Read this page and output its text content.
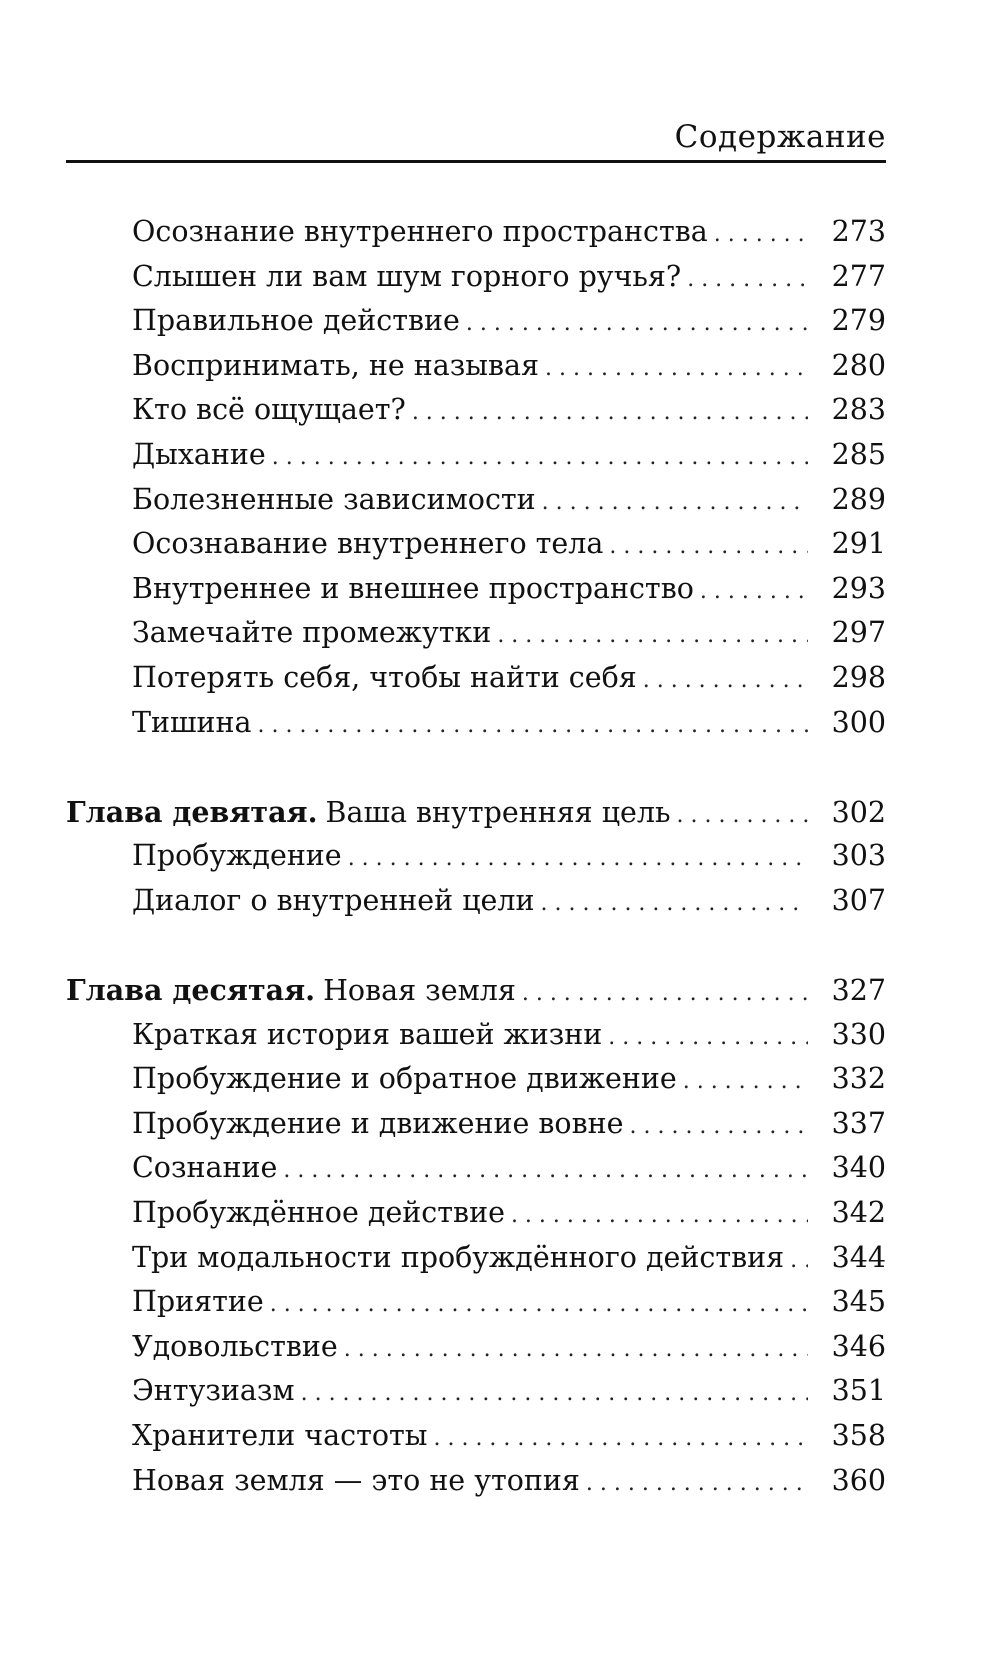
Содержание
Осознание внутреннего пространства . . .	273
Слышен ли вам шум горного ручья? . . .	277
Правильное действие . . .	279
Воспринимать, не называя . . .	280
Кто всё ощущает? . . .	283
Дыхание . . .	285
Болезненные зависимости . . .	289
Осознавание внутреннего тела . . .	291
Внутреннее и внешнее пространство . . .	293
Замечайте промежутки . . .	297
Потерять себя, чтобы найти себя . . .	298
Тишина . . .	300
Глава девятая. Ваша внутренняя цель . . .	302
Пробуждение . . .	303
Диалог о внутренней цели . . .	307
Глава десятая. Новая земля . . .	327
Краткая история вашей жизни . . .	330
Пробуждение и обратное движение . . .	332
Пробуждение и движение вовне . . .	337
Сознание . . .	340
Пробуждённое действие . . .	342
Три модальности пробуждённого действия . . .	344
Приятие . . .	345
Удовольствие . . .	346
Энтузиазм . . .	351
Хранители частоты . . .	358
Новая земля — это не утопия . . .	360
